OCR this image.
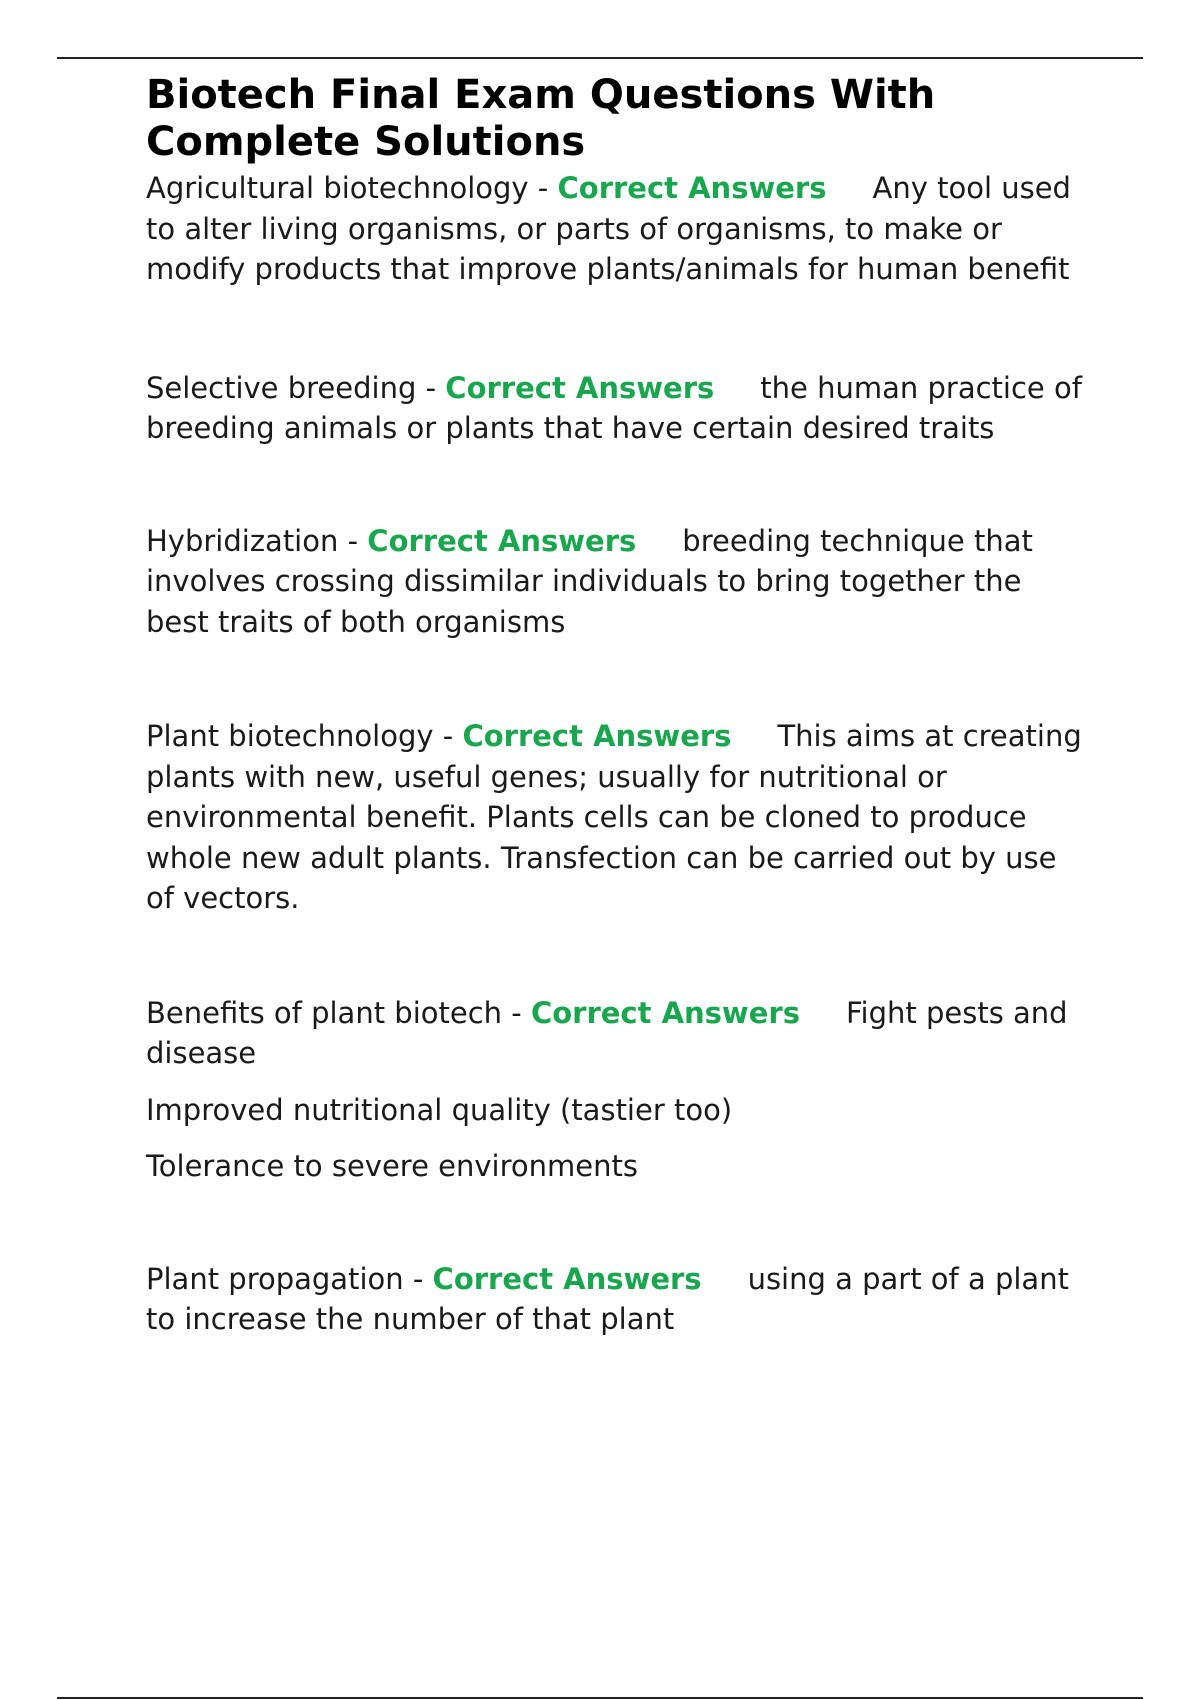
Biotech Final Exam Questions With Complete Solutions

Agricultural biotechnology - Correct Answers Any tool used to alter living organisms, or parts of organisms, to make or modify products that improve plants/animals for human benefit

Selective breeding - Correct Answers the human practice of breeding animals or plants that have certain desired traits

Hybridization - Correct Answers breeding technique that involves crossing dissimilar individuals to bring together the best traits of both organisms

Plant biotechnology - Correct Answers This aims at creating plants with new, useful genes; usually for nutritional or environmental benefit. Plants cells can be cloned to produce whole new adult plants. Transfection can be carried out by use of vectors.

Benefits of plant biotech - Correct Answers Fight pests and disease

Improved nutritional quality (tastier too)

Tolerance to severe environments

Plant propagation - Correct Answers using a part of a plant to increase the number of that plant
